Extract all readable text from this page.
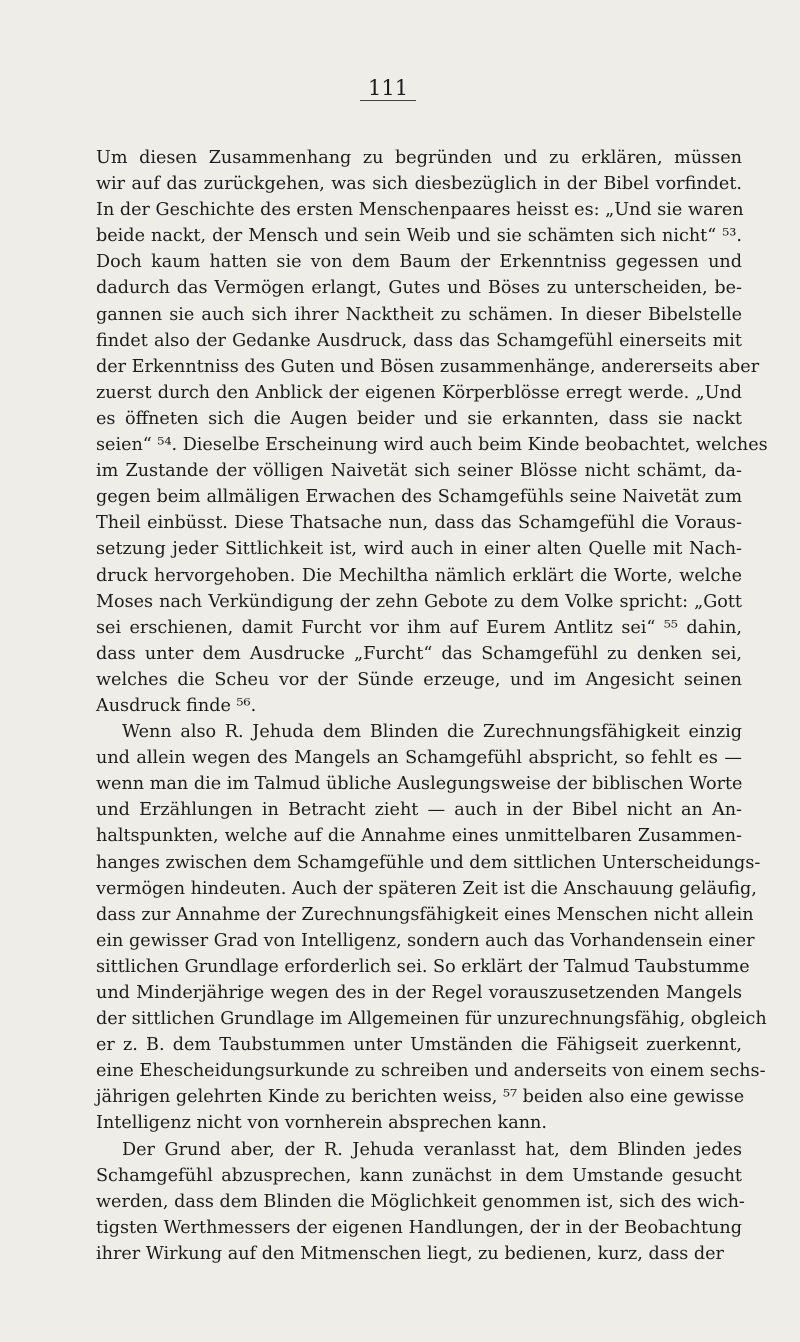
111
Um diesen Zusammenhang zu begründen und zu erklären, müssen
wir auf das zurückgehen, was sich diesbezüglich in der Bibel vorfindet.
In der Geschichte des ersten Menschenpaares heisst es: „Und sie waren
beide nackt, der Mensch und sein Weib und sie schämten sich nicht“ ⁵³.
Doch kaum hatten sie von dem Baum der Erkenntniss gegessen und
dadurch das Vermögen erlangt, Gutes und Böses zu unterscheiden, be-
gannen sie auch sich ihrer Nacktheit zu schämen. In dieser Bibelstelle
findet also der Gedanke Ausdruck, dass das Schamgefühl einerseits mit
der Erkenntniss des Guten und Bösen zusammenhänge, andererseits aber
zuerst durch den Anblick der eigenen Körperblösse erregt werde. „Und
es öffneten sich die Augen beider und sie erkannten, dass sie nackt
seien“ ⁵⁴. Dieselbe Erscheinung wird auch beim Kinde beobachtet, welches
im Zustande der völligen Naivetät sich seiner Blösse nicht schämt, da-
gegen beim allmäligen Erwachen des Schamgefühls seine Naivetät zum
Theil einbüsst. Diese Thatsache nun, dass das Schamgefühl die Voraus-
setzung jeder Sittlichkeit ist, wird auch in einer alten Quelle mit Nach-
druck hervorgehoben. Die Mechiltha nämlich erklärt die Worte, welche
Moses nach Verkündigung der zehn Gebote zu dem Volke spricht: „Gott
sei erschienen, damit Furcht vor ihm auf Eurem Antlitz sei“ ⁵⁵ dahin,
dass unter dem Ausdrucke „Furcht“ das Schamgefühl zu denken sei,
welches die Scheu vor der Sünde erzeuge, und im Angesicht seinen
Ausdruck finde ⁵⁶.
Wenn also R. Jehuda dem Blinden die Zurechnungsfähigkeit einzig
und allein wegen des Mangels an Schamgefühl abspricht, so fehlt es —
wenn man die im Talmud übliche Auslegungsweise der biblischen Worte
und Erzählungen in Betracht zieht — auch in der Bibel nicht an An-
haltspunkten, welche auf die Annahme eines unmittelbaren Zusammen-
hanges zwischen dem Schamgefühle und dem sittlichen Unterscheidungs-
vermögen hindeuten. Auch der späteren Zeit ist die Anschauung geläufig,
dass zur Annahme der Zurechnungsfähigkeit eines Menschen nicht allein
ein gewisser Grad von Intelligenz, sondern auch das Vorhandensein einer
sittlichen Grundlage erforderlich sei. So erklärt der Talmud Taubstumme
und Minderjährige wegen des in der Regel vorauszusetzenden Mangels
der sittlichen Grundlage im Allgemeinen für unzurechnungsfähig, obgleich
er z. B. dem Taubstummen unter Umständen die Fähigseit zuerkennt,
eine Ehescheidungsurkunde zu schreiben und anderseits von einem sechs-
jährigen gelehrten Kinde zu berichten weiss, ⁵⁷ beiden also eine gewisse
Intelligenz nicht von vornherein absprechen kann.
Der Grund aber, der R. Jehuda veranlasst hat, dem Blinden jedes
Schamgefühl abzusprechen, kann zunächst in dem Umstande gesucht
werden, dass dem Blinden die Möglichkeit genommen ist, sich des wich-
tigsten Werthmessers der eigenen Handlungen, der in der Beobachtung
ihrer Wirkung auf den Mitmenschen liegt, zu bedienen, kurz, dass der
